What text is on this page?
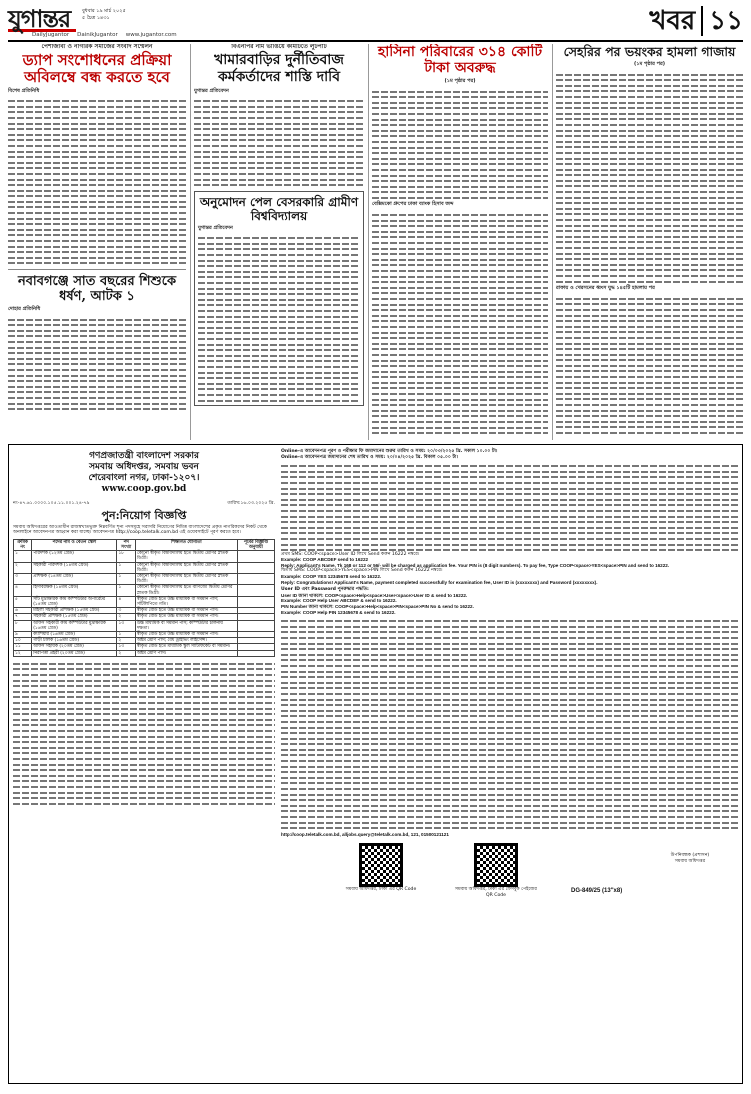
যুগান্তর	বুধবার ১৯ মার্চ ২০২৫
৫ চৈত্র ১৪৩১
DailyJugantor DainikJugantor www.jugantor.com	খবর ১১
পেশাজীবী ও নাগরিক সমাজের সংবাদ সম্মেলন
ড্যাপ সংশোধনের প্রক্রিয়া অবিলম্বে বন্ধ করতে হবে
বিশেষ প্রতিনিধি
নবাবগঞ্জে সাত বছরের শিশুকে ধর্ষণ, আটক ১
দোহার প্রতিনিধি
বিএনপির নাম ভাঙিয়ে কমিটিতে লুটপাট
খামারবাড়ির দুর্নীতিবাজ কর্মকর্তাদের শাস্তি দাবি
যুগান্তর প্রতিবেদন
অনুমোদন পেল বেসরকারি গ্রামীণ বিশ্ববিদ্যালয়
যুগান্তর প্রতিবেদন
হাসিনা পরিবারের ৩১৪ কোটি টাকা অবরুদ্ধ
(১ম পৃষ্ঠার পর)
বেক্সিমকো গ্রুপের ঢাকা ব্যাংক হিসাব জব্দ
সেহরির পর ভয়ংকর হামলা গাজায়
(১ম পৃষ্ঠার পর)
রাফায় ও খেরসনের ধ্বংস যুদ্ধ ১৪৫টি হামলায় পর
গণপ্রজাতন্ত্রী বাংলাদেশ সরকার
সমবায় অধিদপ্তর, সমবায় ভবন
শেরেবাংলা নগর, ঢাকা-১২০৭।
www.coop.gov.bd
নং-৪৭.৬১.০০০০.১০৫.১১.০০১.২৪-৭৯	তারিখ:১৬.০৩.২০২৫ খ্রি.
পুন:নিয়োগ বিজ্ঞপ্তি
সমবায় অধিদপ্তরের আওতাধীন রাজস্বখাতভুক্ত নিম্নবর্ণিত শূন্য পদসমূহে সরাসরি নিয়োগের নিমিত্ত বাংলাদেশের প্রকৃত নাগরিকদের নিকট থেকে অনলাইনে আবেদনপত্র আহ্বান করা যাচ্ছে। আবেদনপত্র http://coop.teletalk.com.bd এই ওয়েবসাইটে পূরণ করতে হবে।
ক্রমিক নং	পদের নাম ও বেতন স্কেল	পদ সংখ্যা	শিক্ষাগত যোগ্যতা	পূর্বের বিজ্ঞপ্তি অনুযায়ী
১	পরিদর্শক (১২তম গ্রেড)	১৮	কোনো স্বীকৃত বিশ্ববিদ্যালয় হতে দ্বিতীয় শ্রেণির স্নাতক ডিগ্রী।	
২	সহকারী পরিদর্শক (১৪তম গ্রেড)	১	কোনো স্বীকৃত বিশ্ববিদ্যালয় হতে দ্বিতীয় শ্রেণির স্নাতক ডিগ্রী।	
৩	প্রশিক্ষক (১৪তম গ্রেড)	১	কোনো স্বীকৃত বিশ্ববিদ্যালয় হতে দ্বিতীয় শ্রেণির স্নাতক ডিগ্রী।	
৪	হিসাবরক্ষক (১৪তম গ্রেড)	১	কোনো স্বীকৃত বিশ্ববিদ্যালয় হতে বাণিজ্যে দ্বিতীয় শ্রেণির স্নাতক ডিগ্রী।	
৫	সাঁট মুদ্রাক্ষরিক কাম কম্পিউটার অপারেটর (১৪তম গ্রেড)	৪	স্বীকৃত বোর্ড হতে উচ্চ মাধ্যমিক বা সমমান পাস; সাঁটলিপিতে গতি।	
৬	মহিলা সহকারী প্রশিক্ষক (১৫তম গ্রেড)	৩	স্বীকৃত বোর্ড হতে উচ্চ মাধ্যমিক বা সমমান পাস।	
৭	সহকারী প্রশিক্ষক (১৫তম গ্রেড)	২	স্বীকৃত বোর্ড হতে উচ্চ মাধ্যমিক বা সমমান পাস।	
৮	অফিস সহকারী কাম কম্পিউটার মুদ্রাক্ষরিক (১৬তম গ্রেড)	১৩	উচ্চ মাধ্যমিক বা সমমান পাস; কম্পিউটার চালনায় দক্ষতা।	
৯	ক্যাশিয়ার (১৬তম গ্রেড)	১	স্বীকৃত বোর্ড হতে উচ্চ মাধ্যমিক বা সমমান পাস।	
১০	গাড়ী চালক (১৬তম গ্রেড)	২	অষ্টম শ্রেণি পাস; বৈধ ড্রাইভিং লাইসেন্স।	
১১	অফিস সহায়ক (২০তম গ্রেড)	১৩	স্বীকৃত বোর্ড হতে মাধ্যমিক স্কুল সার্টিফিকেট বা সমমান।	
১২	নিরাপত্তা প্রহরী (২০তম গ্রেড)	২	অষ্টম শ্রেণি পাস।	
Online-এ আবেদনপত্র পূরণ ও পরীক্ষার ফি জমাদানের শুরুর তারিখ ও সময়: ২০/০৩/২০২৫ খ্রি. সকাল ১০.০০ টা।
Online-এ আবেদনপত্র জমাদানের শেষ তারিখ ও সময়: ২০/০৪/২০২৫ খ্রি. বিকাল ০৫.০০ টা।
প্রথম SMS: COOP<space>User ID লিখে Send করুন 16222 নম্বরে।
Example: COOP ABCDEF send to 16222
Reply: Applicant's Name, Tk 168 or 112 or 56/- will be charged as application fee. Your PIN is (8 digit numbers). To pay fee, Type COOP<space>YES<space>PIN and send to 16222.
দ্বিতীয় SMS: COOP<space>YES<space>PIN লিখে Send করুন 16222 নম্বরে।
Example: COOP YES 12345678 send to 16222.
Reply: Congratulations! Applicant's Name, payment completed successfully for examination fee, User ID is (xxxxxxxx) and Password (xxxxxxxx).
User ID এবং Password পুনরুদ্ধার পদ্ধতি:
User ID জানা থাকলে: COOP<space>Help<space>User<space>User ID & send to 16222.
Example: COOP Help User ABCDEF & send to 16222.
PIN Number জানা থাকলে: COOP<space>Help<space>PIN<space>PIN No & send to 16222.
Example: COOP Help PIN 12345678 & send to 16222.
http://coop.teletalk.com.bd, alljobs.query@teletalk.com.bd, 121, 01500121121
সমবায় অধিদপ্তর, ঢাকা এর QR Code	সমবায় অধিদপ্তর, ঢাকা এর ফেসবুক পেইজের QR Code
DG-849/25 (13"x8)
উপনিবন্ধক (প্রশাসন)
সমবায় অধিদপ্তর
